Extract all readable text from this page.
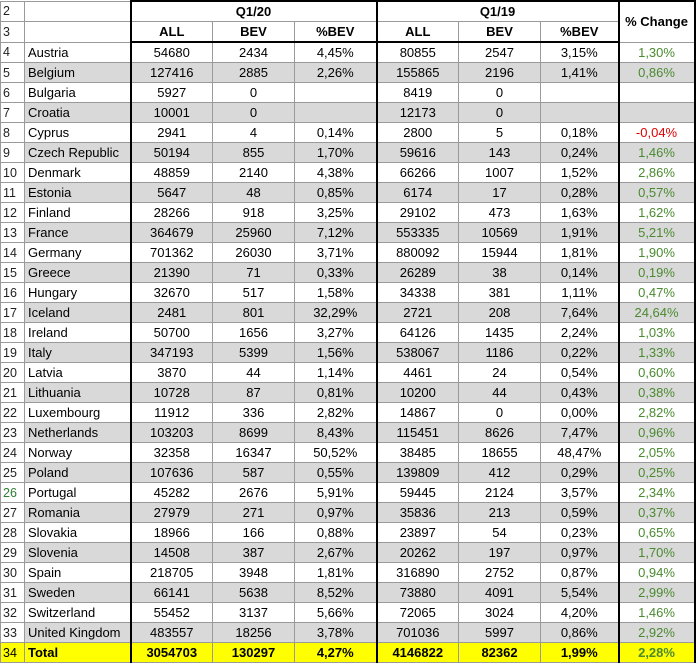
2		Q1/20			Q1/19			% Change
3		ALL	BEV	%BEV	ALL	BEV	%BEV	
4	Austria	54680	2434	4,45%	80855	2547	3,15%	1,30%
5	Belgium	127416	2885	2,26%	155865	2196	1,41%	0,86%
6	Bulgaria	5927	0		8419	0		
7	Croatia	10001	0		12173	0		
8	Cyprus	2941	4	0,14%	2800	5	0,18%	-0,04%
9	Czech Republic	50194	855	1,70%	59616	143	0,24%	1,46%
10	Denmark	48859	2140	4,38%	66266	1007	1,52%	2,86%
11	Estonia	5647	48	0,85%	6174	17	0,28%	0,57%
12	Finland	28266	918	3,25%	29102	473	1,63%	1,62%
13	France	364679	25960	7,12%	553335	10569	1,91%	5,21%
14	Germany	701362	26030	3,71%	880092	15944	1,81%	1,90%
15	Greece	21390	71	0,33%	26289	38	0,14%	0,19%
16	Hungary	32670	517	1,58%	34338	381	1,11%	0,47%
17	Iceland	2481	801	32,29%	2721	208	7,64%	24,64%
18	Ireland	50700	1656	3,27%	64126	1435	2,24%	1,03%
19	Italy	347193	5399	1,56%	538067	1186	0,22%	1,33%
20	Latvia	3870	44	1,14%	4461	24	0,54%	0,60%
21	Lithuania	10728	87	0,81%	10200	44	0,43%	0,38%
22	Luxembourg	11912	336	2,82%	14867	0	0,00%	2,82%
23	Netherlands	103203	8699	8,43%	115451	8626	7,47%	0,96%
24	Norway	32358	16347	50,52%	38485	18655	48,47%	2,05%
25	Poland	107636	587	0,55%	139809	412	0,29%	0,25%
26	Portugal	45282	2676	5,91%	59445	2124	3,57%	2,34%
27	Romania	27979	271	0,97%	35836	213	0,59%	0,37%
28	Slovakia	18966	166	0,88%	23897	54	0,23%	0,65%
29	Slovenia	14508	387	2,67%	20262	197	0,97%	1,70%
30	Spain	218705	3948	1,81%	316890	2752	0,87%	0,94%
31	Sweden	66141	5638	8,52%	73880	4091	5,54%	2,99%
32	Switzerland	55452	3137	5,66%	72065	3024	4,20%	1,46%
33	United Kingdom	483557	18256	3,78%	701036	5997	0,86%	2,92%
34	Total	3054703	130297	4,27%	4146822	82362	1,99%	2,28%
